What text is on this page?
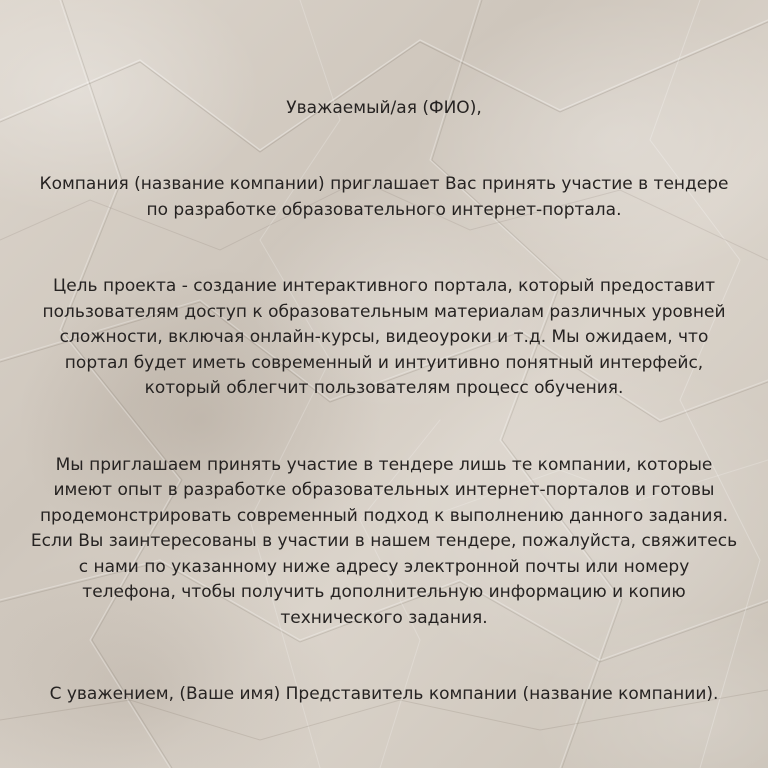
Уважаемый/ая (ФИО),

Компания (название компании) приглашает Вас принять участие в тендере
по разработке образовательного интернет-портала.

Цель проекта - создание интерактивного портала, который предоставит
пользователям доступ к образовательным материалам различных уровней
сложности, включая онлайн-курсы, видеоуроки и т.д. Мы ожидаем, что
портал будет иметь современный и интуитивно понятный интерфейс,
который облегчит пользователям процесс обучения.

Мы приглашаем принять участие в тендере лишь те компании, которые
имеют опыт в разработке образовательных интернет-порталов и готовы
продемонстрировать современный подход к выполнению данного задания.
Если Вы заинтересованы в участии в нашем тендере, пожалуйста, свяжитесь
с нами по указанному ниже адресу электронной почты или номеру
телефона, чтобы получить дополнительную информацию и копию
технического задания.

С уважением, (Ваше имя) Представитель компании (название компании).
